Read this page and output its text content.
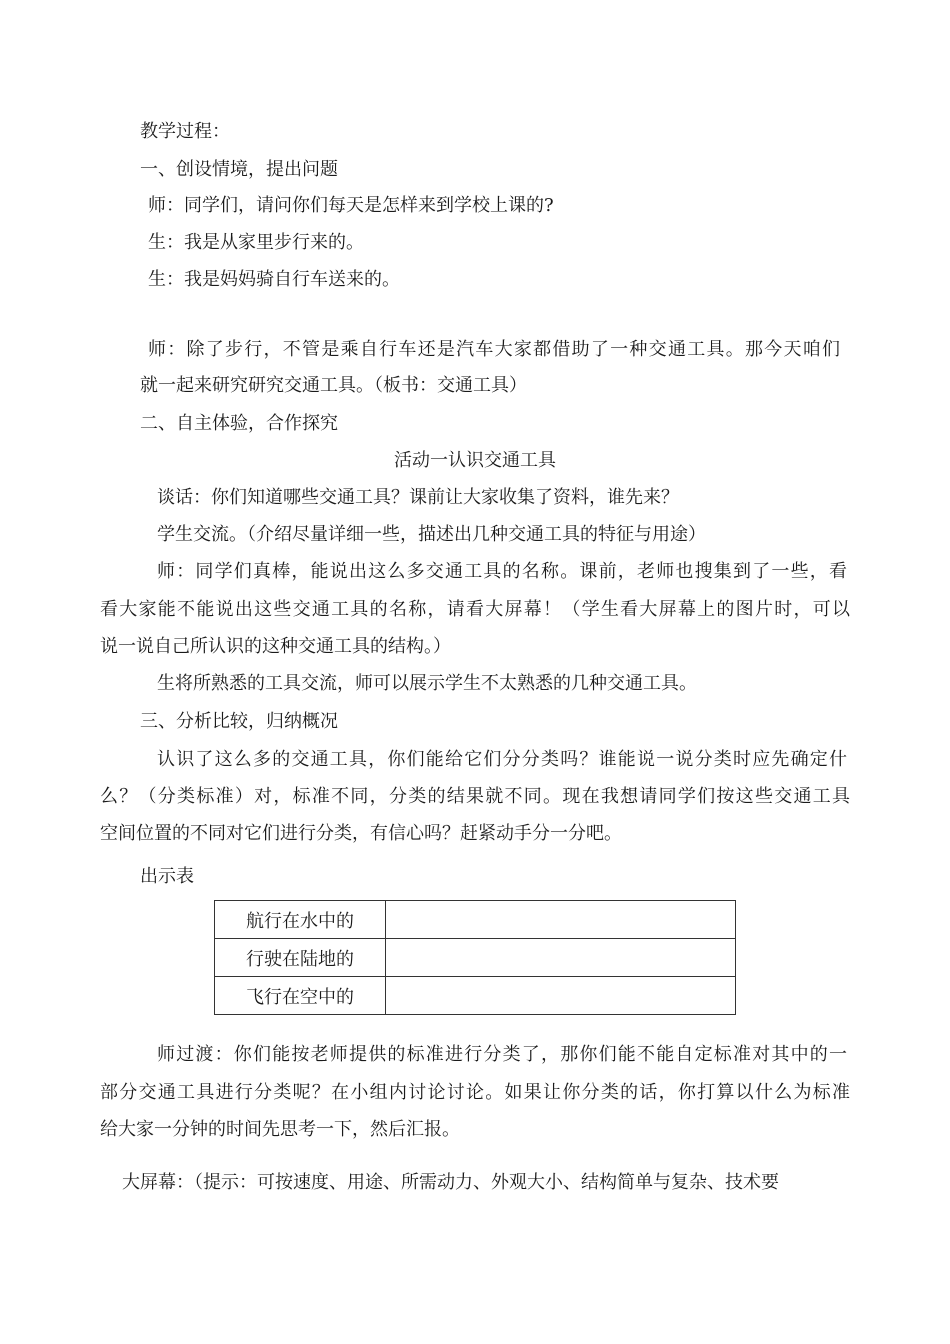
教学过程：
一、创设情境，提出问题
师：同学们，请问你们每天是怎样来到学校上课的?
生：我是从家里步行来的。
生：我是妈妈骑自行车送来的。
师：除了步行，不管是乘自行车还是汽车大家都借助了一种交通工具。那今天咱们
就一起来研究研究交通工具。（板书：交通工具）
二、自主体验，合作探究
活动一认识交通工具
谈话：你们知道哪些交通工具？课前让大家收集了资料，谁先来？
学生交流。（介绍尽量详细一些，描述出几种交通工具的特征与用途）
师：同学们真棒，能说出这么多交通工具的名称。课前，老师也搜集到了一些，看
看大家能不能说出这些交通工具的名称，请看大屏幕！（学生看大屏幕上的图片时，可以
说一说自己所认识的这种交通工具的结构。）
生将所熟悉的工具交流，师可以展示学生不太熟悉的几种交通工具。
三、分析比较，归纳概况
认识了这么多的交通工具，你们能给它们分分类吗？谁能说一说分类时应先确定什
么？（分类标准）对，标准不同，分类的结果就不同。现在我想请同学们按这些交通工具
空间位置的不同对它们进行分类，有信心吗？赶紧动手分一分吧。
出示表
航行在水中的	
行驶在陆地的	
飞行在空中的	
师过渡：你们能按老师提供的标准进行分类了，那你们能不能自定标准对其中的一
部分交通工具进行分类呢？在小组内讨论讨论。如果让你分类的话，你打算以什么为标准
给大家一分钟的时间先思考一下，然后汇报。
大屏幕：（提示：可按速度、用途、所需动力、外观大小、结构简单与复杂、技术要
